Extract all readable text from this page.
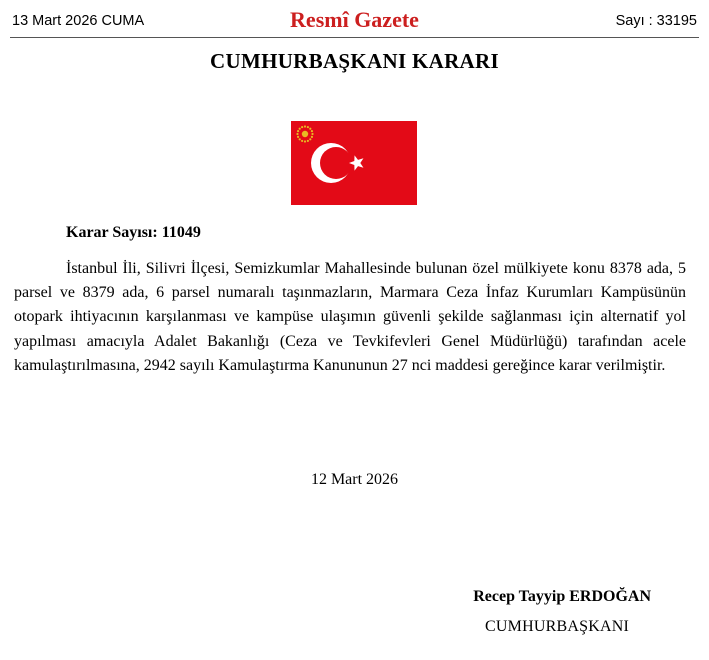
13 Mart 2026 CUMA	Resmî Gazete	Sayı : 33195
CUMHURBAŞKANI KARARI
Karar Sayısı: 11049

İstanbul İli, Silivri İlçesi, Semizkumlar Mahallesinde bulunan özel mülkiyete konu 8378 ada, 5 parsel ve 8379 ada, 6 parsel numaralı taşınmazların, Marmara Ceza İnfaz Kurumları Kampüsünün otopark ihtiyacının karşılanması ve kampüse ulaşımın güvenli şekilde sağlanması için alternatif yol yapılması amacıyla Adalet Bakanlığı (Ceza ve Tevkifevleri Genel Müdürlüğü) tarafından acele kamulaştırılmasına, 2942 sayılı Kamulaştırma Kanununun 27 nci maddesi gereğince karar verilmiştir.

12 Mart 2026
Recep Tayyip ERDOĞAN
CUMHURBAŞKANI
